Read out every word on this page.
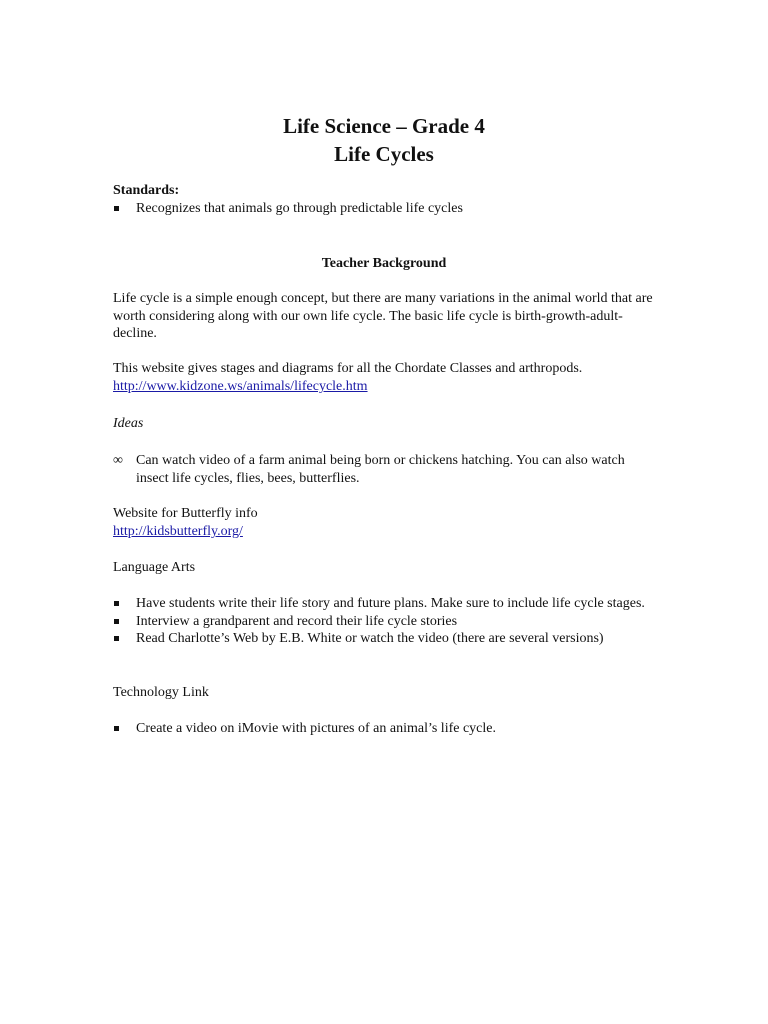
Life Science – Grade 4
Life Cycles

Standards:

Recognizes that animals go through predictable life cycles

Teacher Background

Life cycle is a simple enough concept, but there are many variations in the animal world that are worth considering along with our own life cycle. The basic life cycle is birth-growth-adult-decline.

This website gives stages and diagrams for all the Chordate Classes and arthropods.

http://www.kidzone.ws/animals/lifecycle.htm

Ideas

∞ Can watch video of a farm animal being born or chickens hatching. You can also watch insect life cycles, flies, bees, butterflies.

Website for Butterfly info

http://kidsbutterfly.org/

Language Arts

Have students write their life story and future plans. Make sure to include life cycle stages.
Interview a grandparent and record their life cycle stories
Read Charlotte’s Web by E.B. White or watch the video (there are several versions)

Technology Link

Create a video on iMovie with pictures of an animal’s life cycle.
